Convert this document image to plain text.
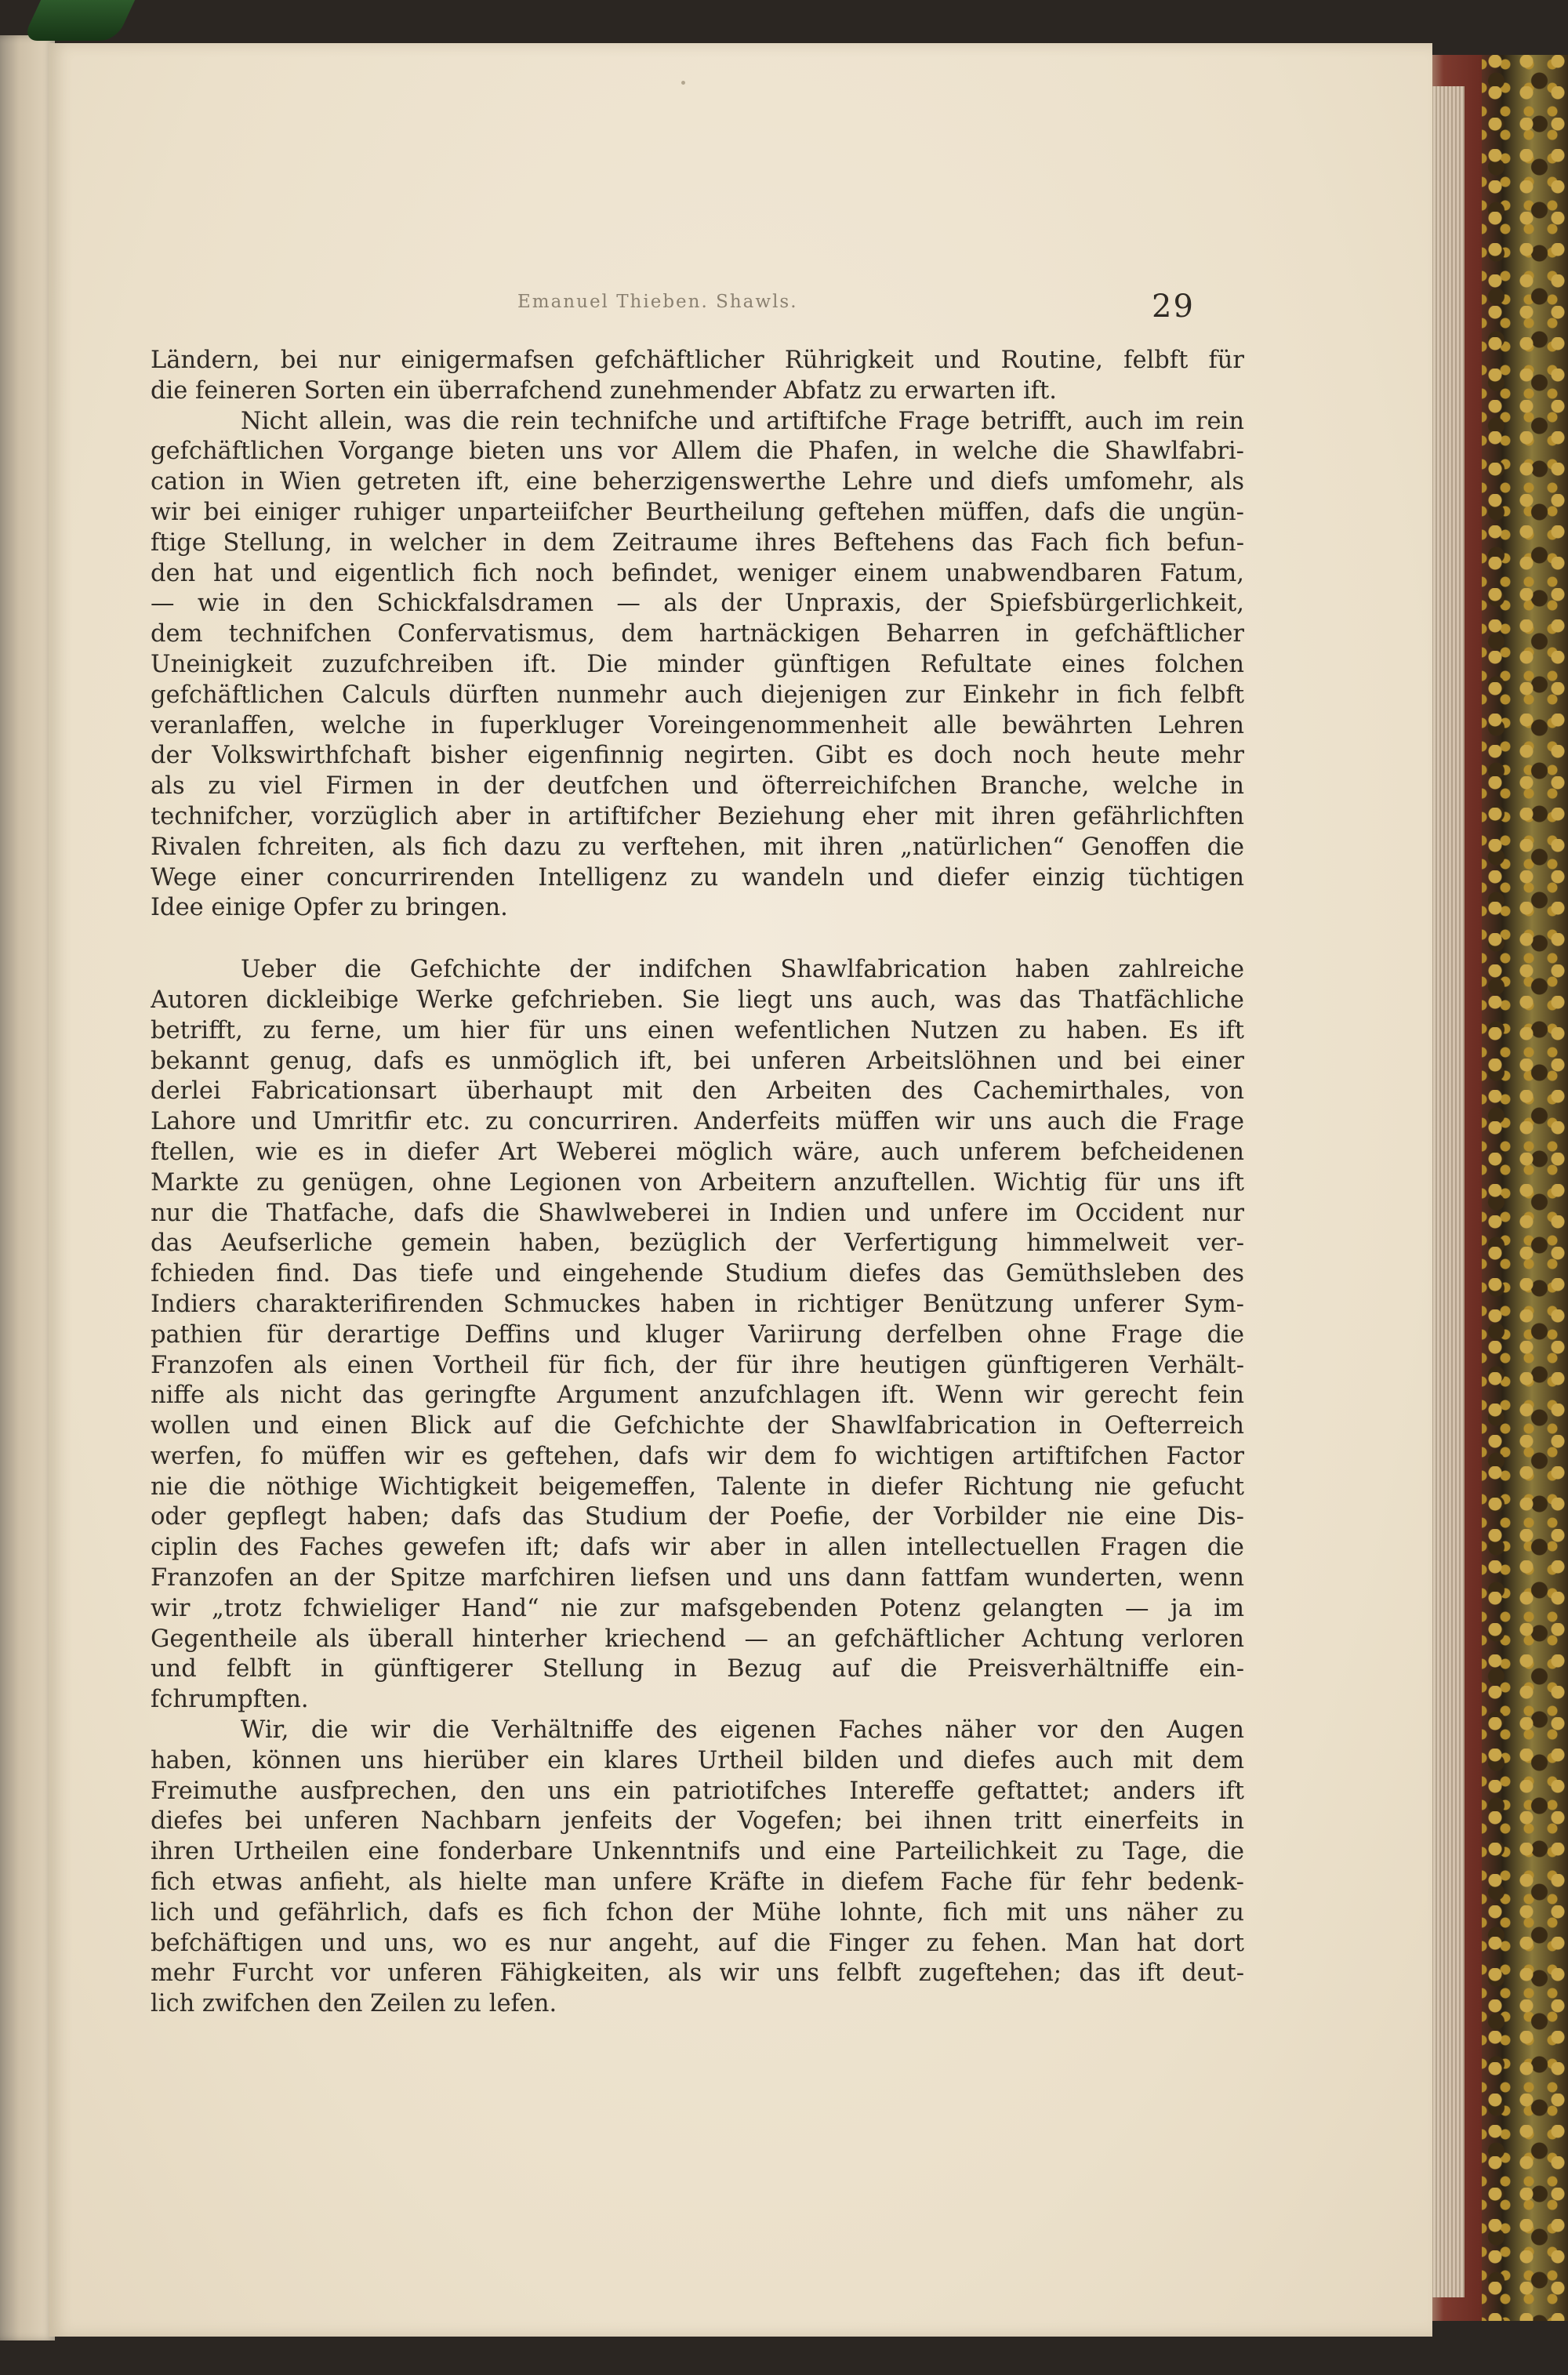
Emanuel Thieben. Shawls.	29

Ländern, bei nur einigermafsen gefchäftlicher Rührigkeit und Routine, felbft für
die feineren Sorten ein überrafchend zunehmender Abfatz zu erwarten ift.

Nicht allein, was die rein technifche und artiftifche Frage betrifft, auch im rein
gefchäftlichen Vorgange bieten uns vor Allem die Phafen, in welche die Shawlfabri-
cation in Wien getreten ift, eine beherzigenswerthe Lehre und diefs umfomehr, als
wir bei einiger ruhiger unparteiifcher Beurtheilung geftehen müffen, dafs die ungün-
ftige Stellung, in welcher in dem Zeitraume ihres Beftehens das Fach fich befun-
den hat und eigentlich fich noch befindet, weniger einem unabwendbaren Fatum,
— wie in den Schickfalsdramen — als der Unpraxis, der Spiefsbürgerlichkeit,
dem technifchen Confervatismus, dem hartnäckigen Beharren in gefchäftlicher
Uneinigkeit zuzufchreiben ift. Die minder günftigen Refultate eines folchen
gefchäftlichen Calculs dürften nunmehr auch diejenigen zur Einkehr in fich felbft
veranlaffen, welche in fuperkluger Voreingenommenheit alle bewährten Lehren
der Volkswirthfchaft bisher eigenfinnig negirten. Gibt es doch noch heute mehr
als zu viel Firmen in der deutfchen und öfterreichifchen Branche, welche in
technifcher, vorzüglich aber in artiftifcher Beziehung eher mit ihren gefährlichften
Rivalen fchreiten, als fich dazu zu verftehen, mit ihren „natürlichen“ Genoffen die
Wege einer concurrirenden Intelligenz zu wandeln und diefer einzig tüchtigen
Idee einige Opfer zu bringen.

Ueber die Gefchichte der indifchen Shawlfabrication haben zahlreiche
Autoren dickleibige Werke gefchrieben. Sie liegt uns auch, was das Thatfächliche
betrifft, zu ferne, um hier für uns einen wefentlichen Nutzen zu haben. Es ift
bekannt genug, dafs es unmöglich ift, bei unferen Arbeitslöhnen und bei einer
derlei Fabricationsart überhaupt mit den Arbeiten des Cachemirthales, von
Lahore und Umritfir etc. zu concurriren. Anderfeits müffen wir uns auch die Frage
ftellen, wie es in diefer Art Weberei möglich wäre, auch unferem befcheidenen
Markte zu genügen, ohne Legionen von Arbeitern anzuftellen. Wichtig für uns ift
nur die Thatfache, dafs die Shawlweberei in Indien und unfere im Occident nur
das Aeufserliche gemein haben, bezüglich der Verfertigung himmelweit ver-
fchieden find. Das tiefe und eingehende Studium diefes das Gemüthsleben des
Indiers charakterifirenden Schmuckes haben in richtiger Benützung unferer Sym-
pathien für derartige Deffins und kluger Variirung derfelben ohne Frage die
Franzofen als einen Vortheil für fich, der für ihre heutigen günftigeren Verhält-
niffe als nicht das geringfte Argument anzufchlagen ift. Wenn wir gerecht fein
wollen und einen Blick auf die Gefchichte der Shawlfabrication in Oefterreich
werfen, fo müffen wir es geftehen, dafs wir dem fo wichtigen artiftifchen Factor
nie die nöthige Wichtigkeit beigemeffen, Talente in diefer Richtung nie gefucht
oder gepflegt haben; dafs das Studium der Poefie, der Vorbilder nie eine Dis-
ciplin des Faches gewefen ift; dafs wir aber in allen intellectuellen Fragen die
Franzofen an der Spitze marfchiren liefsen und uns dann fattfam wunderten, wenn
wir „trotz fchwieliger Hand“ nie zur mafsgebenden Potenz gelangten — ja im
Gegentheile als überall hinterher kriechend — an gefchäftlicher Achtung verloren
und felbft in günftigerer Stellung in Bezug auf die Preisverhältniffe ein-
fchrumpften.

Wir, die wir die Verhältniffe des eigenen Faches näher vor den Augen
haben, können uns hierüber ein klares Urtheil bilden und diefes auch mit dem
Freimuthe ausfprechen, den uns ein patriotifches Intereffe geftattet; anders ift
diefes bei unferen Nachbarn jenfeits der Vogefen; bei ihnen tritt einerfeits in
ihren Urtheilen eine fonderbare Unkenntnifs und eine Parteilichkeit zu Tage, die
fich etwas anfieht, als hielte man unfere Kräfte in diefem Fache für fehr bedenk-
lich und gefährlich, dafs es fich fchon der Mühe lohnte, fich mit uns näher zu
befchäftigen und uns, wo es nur angeht, auf die Finger zu fehen. Man hat dort
mehr Furcht vor unferen Fähigkeiten, als wir uns felbft zugeftehen; das ift deut-
lich zwifchen den Zeilen zu lefen.
